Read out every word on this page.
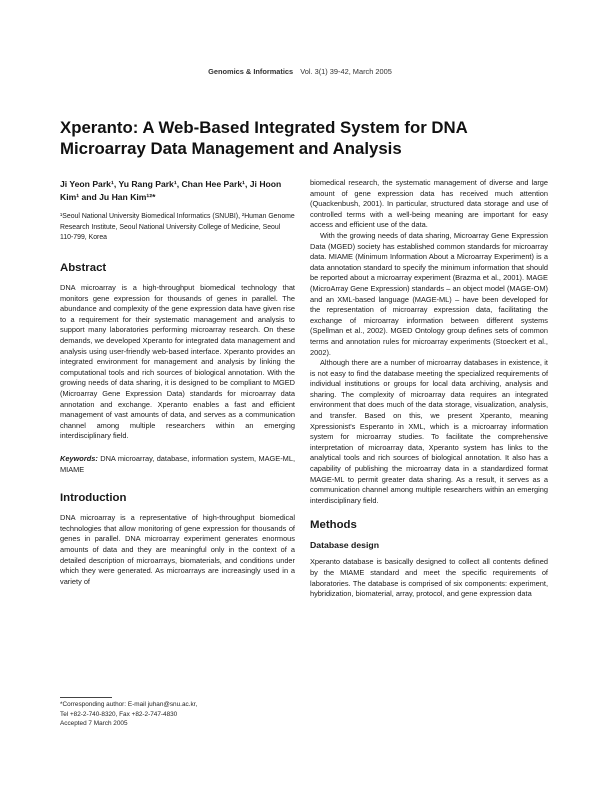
Genomics & Informatics Vol. 3(1) 39-42, March 2005
Xperanto: A Web-Based Integrated System for DNA Microarray Data Management and Analysis
Ji Yeon Park¹, Yu Rang Park¹, Chan Hee Park¹, Ji Hoon Kim¹ and Ju Han Kim¹²*
¹Seoul National University Biomedical Informatics (SNUBI), ²Human Genome Research Institute, Seoul National University College of Medicine, Seoul 110-799, Korea
Abstract

DNA microarray is a high-throughput biomedical technology that monitors gene expression for thousands of genes in parallel. The abundance and complexity of the gene expression data have given rise to a requirement for their systematic management and analysis to support many laboratories performing microarray research. On these demands, we developed Xperanto for integrated data management and analysis using user-friendly web-based interface. Xperanto provides an integrated environment for management and analysis by linking the computational tools and rich sources of biological annotation. With the growing needs of data sharing, it is designed to be compliant to MGED (Microarray Gene Expression Data) standards for microarray data annotation and exchange. Xperanto enables a fast and efficient management of vast amounts of data, and serves as a communication channel among multiple researchers within an emerging interdisciplinary field.

Keywords: DNA microarray, database, information system, MAGE-ML, MIAME

Introduction

DNA microarray is a representative of high-throughput biomedical technologies that allow monitoring of gene expression for thousands of genes in parallel. DNA microarray experiment generates enormous amounts of data and they are meaningful only in the context of a detailed description of microarrays, biomaterials, and conditions under which they were generated. As microarrays are increasingly used in a variety of

*Corresponding author: E-mail juhan@snu.ac.kr,
Tel +82-2-740-8320, Fax +82-2-747-4830
Accepted 7 March 2005

biomedical research, the systematic management of diverse and large amount of gene expression data has received much attention (Quackenbush, 2001). In particular, structured data storage and use of controlled terms with a well-being meaning are important for easy access and efficient use of the data.

With the growing needs of data sharing, Microarray Gene Expression Data (MGED) society has established common standards for microarray data. MIAME (Minimum Information About a Microarray Experiment) is a data annotation standard to specify the minimum information that should be reported about a microarray experiment (Brazma et al., 2001). MAGE (MicroArray Gene Expression) standards – an object model (MAGE-OM) and an XML-based language (MAGE-ML) – have been developed for the representation of microarray expression data, facilitating the exchange of microarray information between different systems (Spellman et al., 2002). MGED Ontology group defines sets of common terms and annotation rules for microarray experiments (Stoeckert et al., 2002).

Although there are a number of microarray databases in existence, it is not easy to find the database meeting the specialized requirements of individual institutions or groups for local data archiving, analysis and sharing. The complexity of microarray data requires an integrated environment that does much of the data storage, visualization, analysis, and transfer. Based on this, we present Xperanto, meaning Xpressionist's Esperanto in XML, which is a microarray information system for microarray studies. To facilitate the comprehensive interpretation of microarray data, Xperanto system has links to the analytical tools and rich sources of biological annotation. It also has a capability of publishing the microarray data in a standardized format MAGE-ML to permit greater data sharing. As a result, it serves as a communication channel among multiple researchers within an emerging interdisciplinary field.

Methods
Database design

Xperanto database is basically designed to collect all contents defined by the MIAME standard and meet the specific requirements of laboratories. The database is comprised of six components: experiment, hybridization, biomaterial, array, protocol, and gene expression data
